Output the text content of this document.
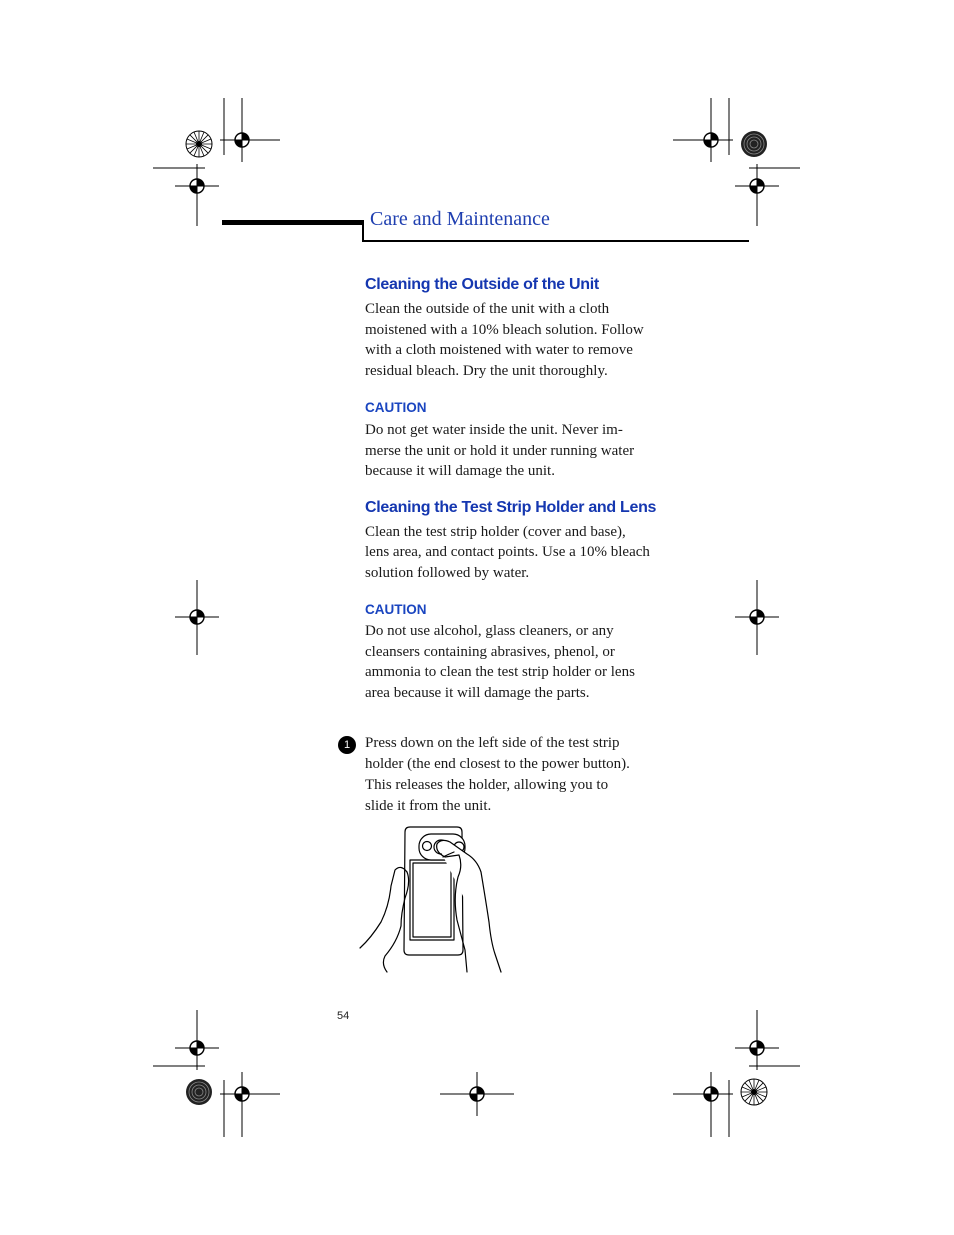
Care and Maintenance
Cleaning the Outside of the Unit

Clean the outside of the unit with a cloth
moistened with a 10% bleach solution. Follow
with a cloth moistened with water to remove
residual bleach. Dry the unit thoroughly.

CAUTION

Do not get water inside the unit. Never im-
merse the unit or hold it under running water
because it will damage the unit.

Cleaning the Test Strip Holder and Lens

Clean the test strip holder (cover and base),
lens area, and contact points. Use a 10% bleach
solution followed by water.

CAUTION

Do not use alcohol, glass cleaners, or any
cleansers containing abrasives, phenol, or
ammonia to clean the test strip holder or lens
area because it will damage the parts.

1 Press down on the left side of the test strip
holder (the end closest to the power button).
This releases the holder, allowing you to
slide it from the unit.

54
